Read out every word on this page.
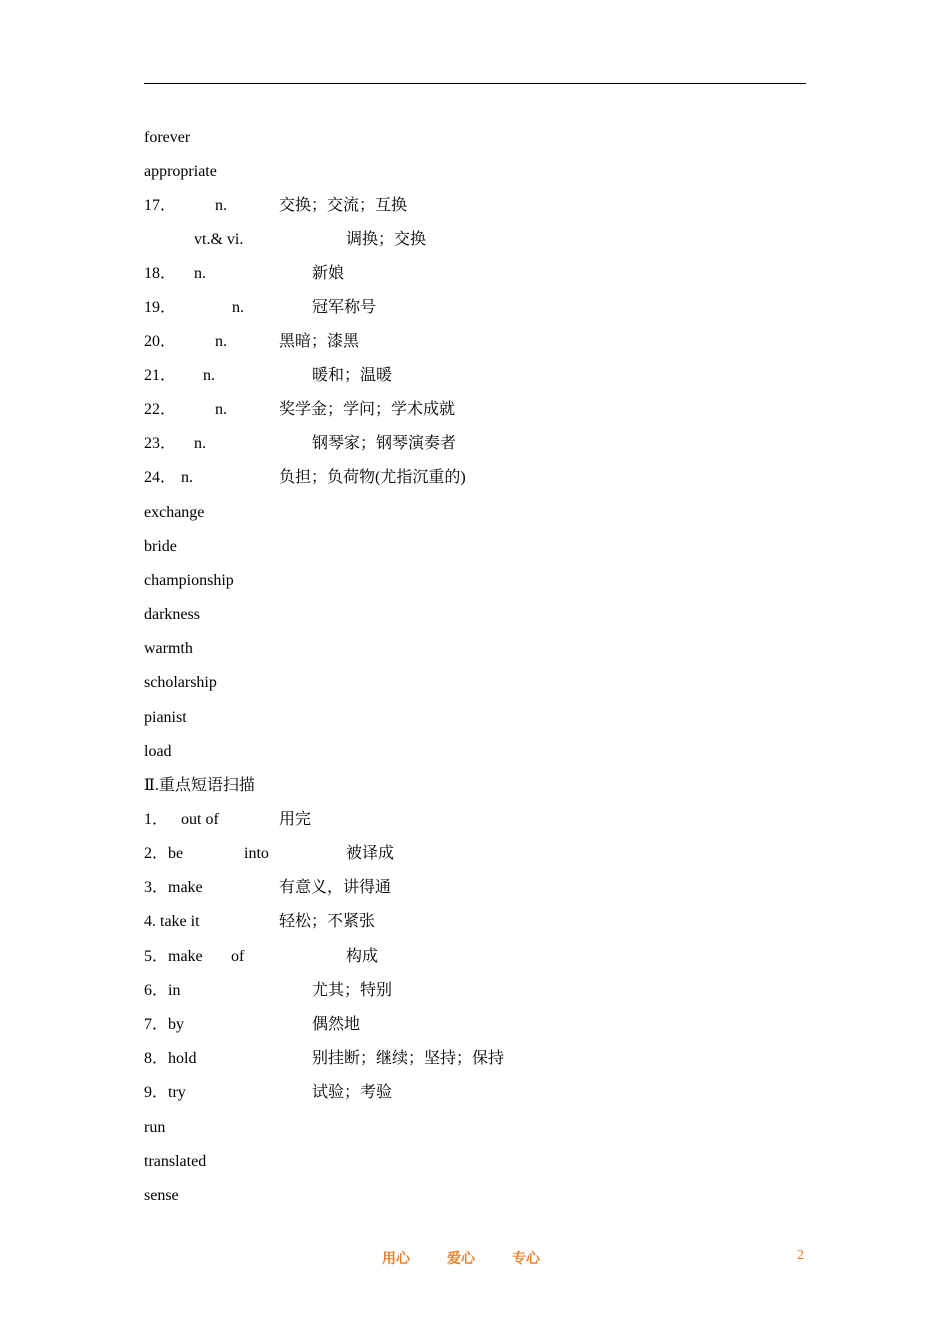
forever
appropriate
17． n.	交换；交流；互换
vt.& vi.	调换；交换
18． n.	新娘
19．	n.	冠军称号
20． n.	黑暗；漆黑
21． n.	暖和；温暖
22． n.	奖学金；学问；学术成就
23． n.	钢琴家；钢琴演奏者
24． n.	负担；负荷物(尤指沉重的)
exchange
bride
championship
darkness
warmth
scholarship
pianist
load
Ⅱ.重点短语扫描
1． out of	用完
2．be	into	被译成
3．make	有意义，讲得通
4. take it	轻松；不紧张
5．make of	构成
6．in	尤其；特别
7．by	偶然地
8．hold	别挂断；继续；坚持；保持
9．try	试验；考验
run
translated
sense
用心	爱心	专心	2
